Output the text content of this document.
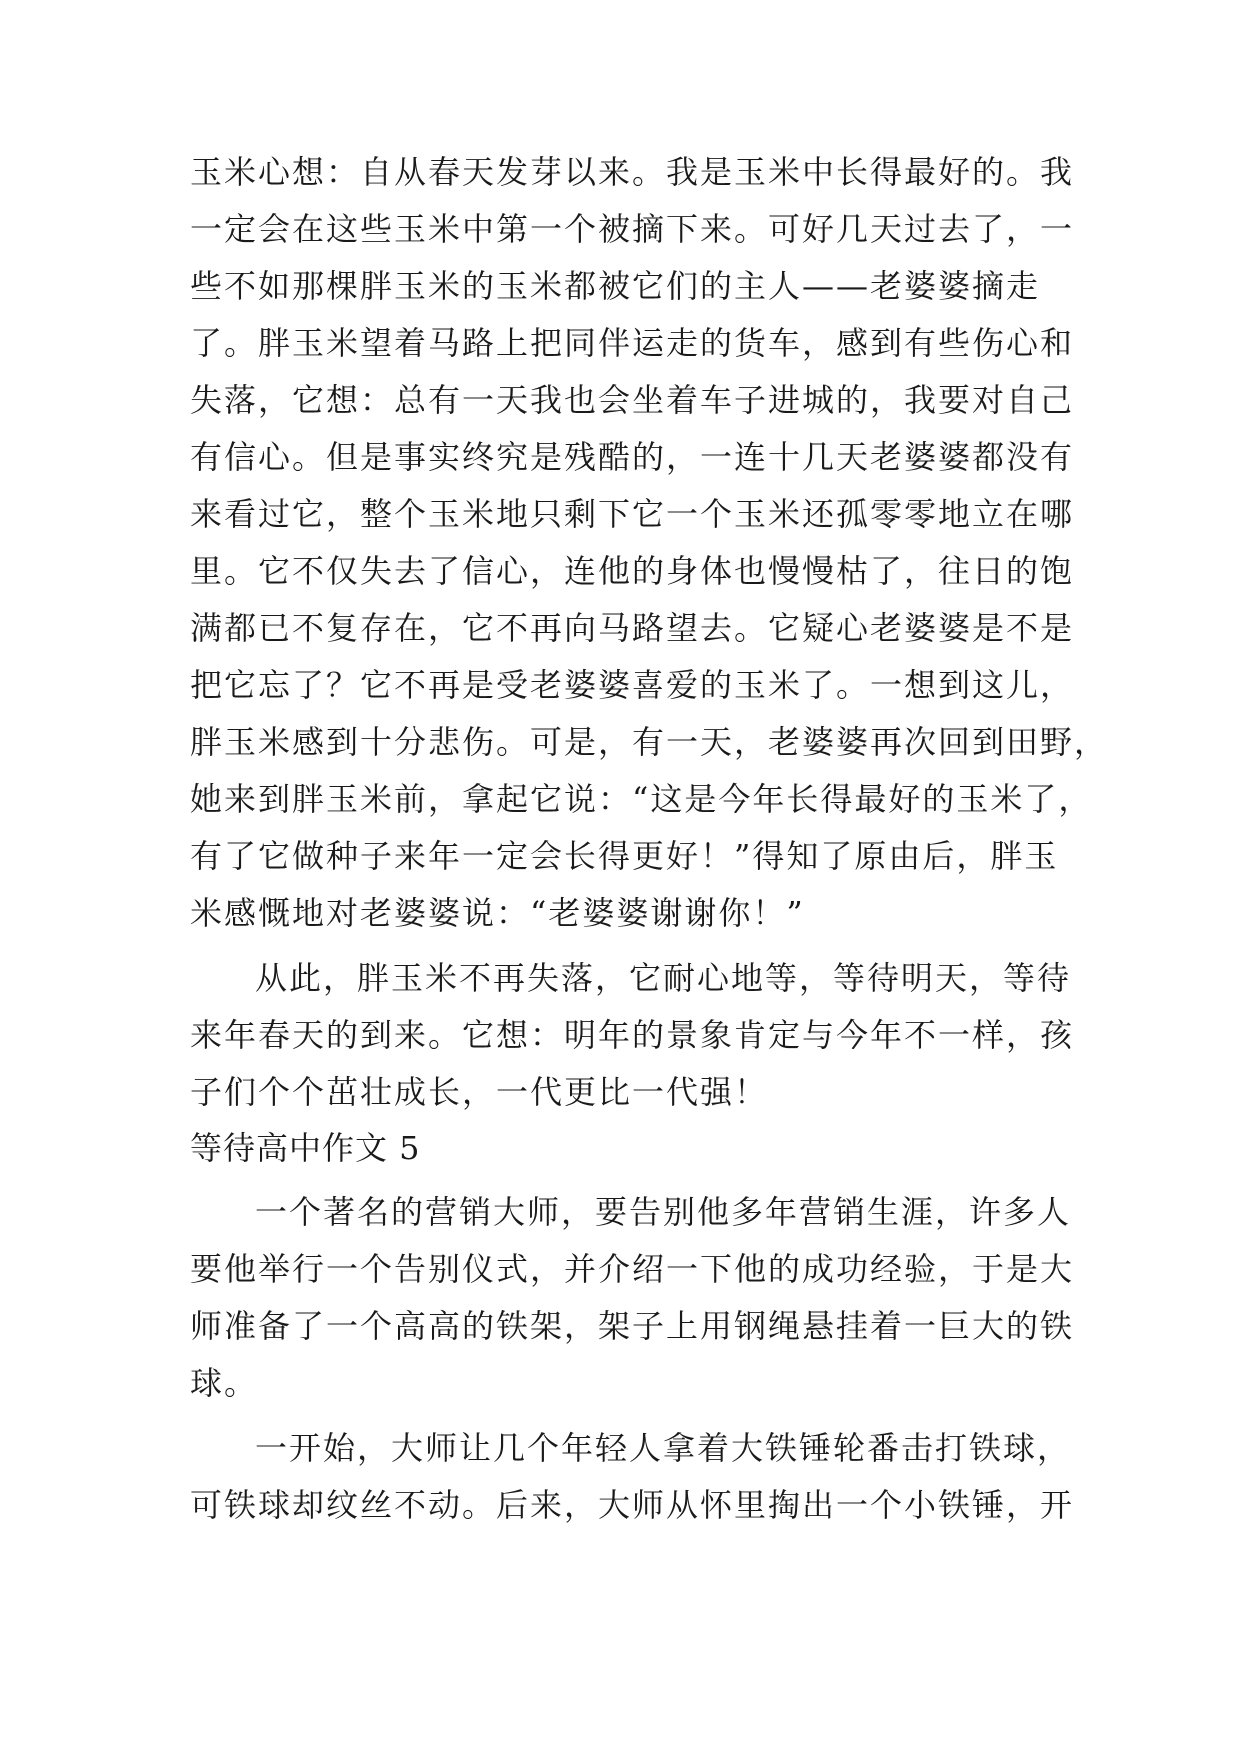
玉米心想：自从春天发芽以来。我是玉米中长得最好的。我
一定会在这些玉米中第一个被摘下来。可好几天过去了，一
些不如那棵胖玉米的玉米都被它们的主人——老婆婆摘走
了。胖玉米望着马路上把同伴运走的货车，感到有些伤心和
失落，它想：总有一天我也会坐着车子进城的，我要对自己
有信心。但是事实终究是残酷的，一连十几天老婆婆都没有
来看过它，整个玉米地只剩下它一个玉米还孤零零地立在哪
里。它不仅失去了信心，连他的身体也慢慢枯了，往日的饱
满都已不复存在，它不再向马路望去。它疑心老婆婆是不是
把它忘了？它不再是受老婆婆喜爱的玉米了。一想到这儿，
胖玉米感到十分悲伤。可是，有一天，老婆婆再次回到田野，
她来到胖玉米前，拿起它说：“这是今年长得最好的玉米了，
有了它做种子来年一定会长得更好！”得知了原由后，胖玉
米感慨地对老婆婆说：“老婆婆谢谢你！”
从此，胖玉米不再失落，它耐心地等，等待明天，等待
来年春天的到来。它想：明年的景象肯定与今年不一样，孩
子们个个茁壮成长，一代更比一代强！
等待高中作文 5
一个著名的营销大师，要告别他多年营销生涯，许多人
要他举行一个告别仪式，并介绍一下他的成功经验，于是大
师准备了一个高高的铁架，架子上用钢绳悬挂着一巨大的铁
球。
一开始，大师让几个年轻人拿着大铁锤轮番击打铁球，
可铁球却纹丝不动。后来，大师从怀里掏出一个小铁锤，开
